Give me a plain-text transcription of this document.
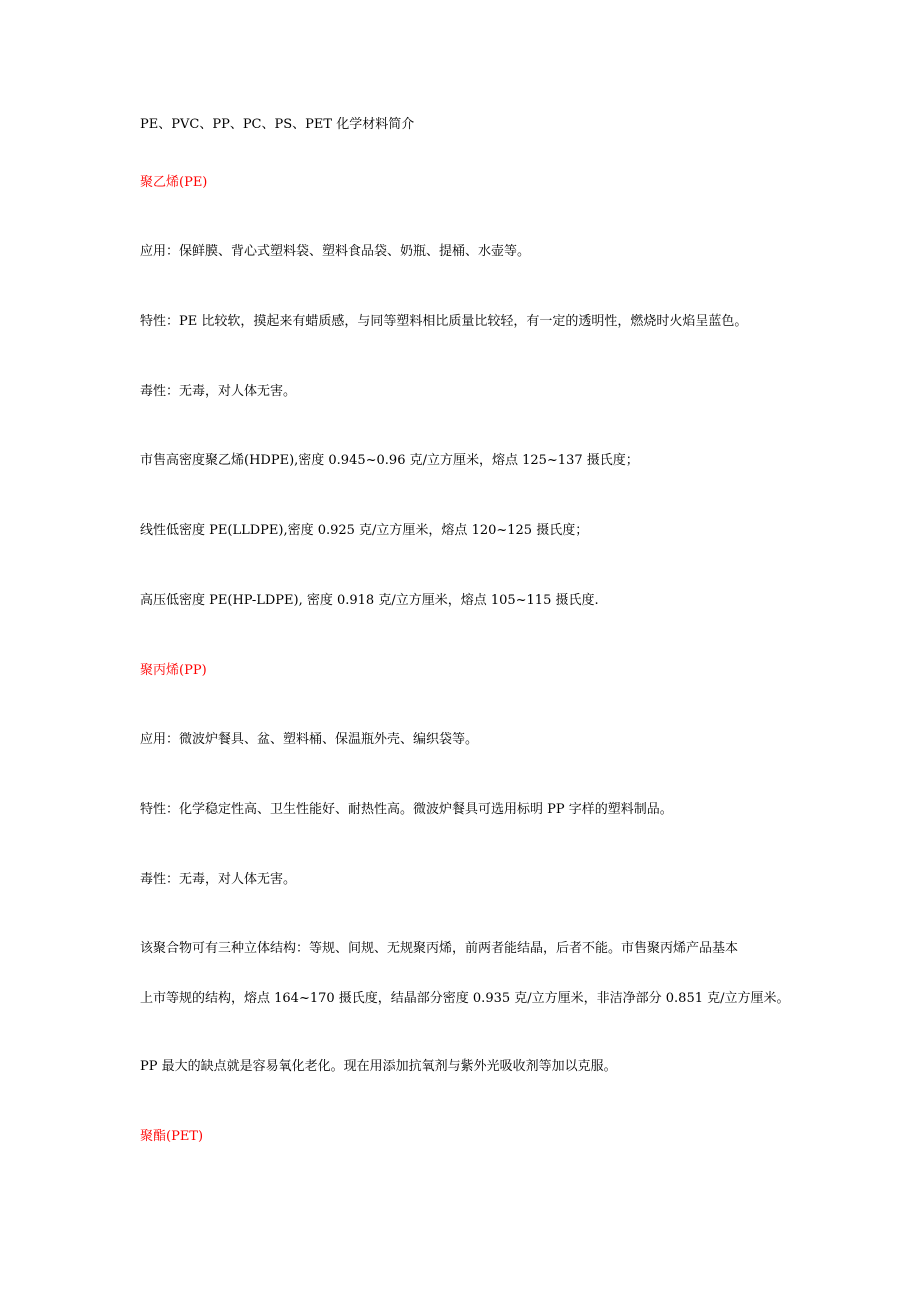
PE、PVC、PP、PC、PS、PET 化学材料简介
聚乙烯(PE)
应用：保鲜膜、背心式塑料袋、塑料食品袋、奶瓶、提桶、水壶等。
特性：PE 比较软，摸起来有蜡质感，与同等塑料相比质量比较轻，有一定的透明性，燃烧时火焰呈蓝色。
毒性：无毒，对人体无害。
市售高密度聚乙烯(HDPE),密度 0.945~0.96 克/立方厘米，熔点 125~137 摄氏度；
线性低密度 PE(LLDPE),密度 0.925 克/立方厘米，熔点 120~125 摄氏度；
高压低密度 PE(HP-LDPE), 密度 0.918 克/立方厘米，熔点 105~115 摄氏度.
聚丙烯(PP)
应用：微波炉餐具、盆、塑料桶、保温瓶外壳、编织袋等。
特性：化学稳定性高、卫生性能好、耐热性高。微波炉餐具可选用标明 PP 字样的塑料制品。
毒性：无毒，对人体无害。
该聚合物可有三种立体结构：等规、间规、无规聚丙烯，前两者能结晶，后者不能。市售聚丙烯产品基本
上市等规的结构，熔点 164~170 摄氏度，结晶部分密度 0.935 克/立方厘米，非洁净部分 0.851 克/立方厘米。
PP 最大的缺点就是容易氧化老化。现在用添加抗氧剂与紫外光吸收剂等加以克服。
聚酯(PET)
